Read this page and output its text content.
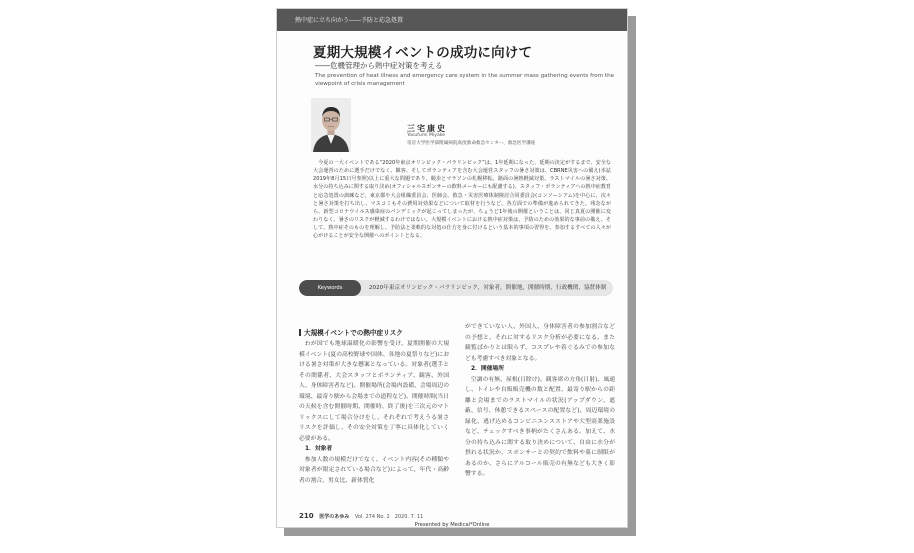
熱中症に立ち向かう――予防と応急処置
夏期大規模イベントの成功に向けて
――危機管理から熱中症対策を考える
The prevention of heat illness and emergency care system in the summer mass gathering events from the viewpoint of crisis management
三宅康史
Yasufumi Miyake
帝京大学医学部附属病院高度救命救急センター、救急医学講座
今夏の一大イベントである“2020年東京オリンピック・パラリンピック”は、1年延期になった。延期の決定がするまで、安全な大会運営のために選手だけでなく、観客、そしてボランティアを含む大会運営スタッフの暑さ対策は、CBRNE災害への備え(本誌2019年8月15日号参照)以上に重大な問題であり、競歩とマラソンの札幌移転、路面の暑熱軽減対策、ラストマイルの暑さ対策、水分の持ち込みに関する取り決め(オフィシャルスポンサーの飲料メーカーにも配慮する)、スタッフ・ボランティアへの熱中症教育と応急処置の訓練など、東京都や大会組織委員会、医師会、救急・災害医療体制検討合同委員会(コンソーシアム)を中心に、次々と暑さ対策を打ち出し、マスコミもその費用対効果などについて取材を行うなど、各方面での準備が進められてきた。残念ながら、新型コロナウイルス感染症のパンデミックが起こってしまったが、ちょうど1年後の開催ということは、同じ真夏の開催に変わりなく、暑さのリスクが軽減するわけではない。大規模イベントにおける熱中症対策は、予防のための効果的な事前の備え、そして、熱中症そのものを理解し、予防法と柔軟的な対処の仕方を身に付けるという基本的事項の習得を、参加するすべての人々が心がけることが安全な開催へのポイントとなる。
Keywords	2020年東京オリンピック・パラリンピック，対象者，開催地，開催時期，行政機関，協賛体制
大規模イベントでの熱中症リスク

わが国でも地球温暖化の影響を受け、夏期開催の大規模イベント(夏の高校野球や国体、各地の夏祭りなど)における暑さ対策が大きな懸案となっている。対象者(選手とその関係者、大会スタッフとボランティア、観客、外国人、身体障害者など)、開催場所(会場内設備、会場周辺の環境、最寄り駅から会場までの道程など)、開催時間(当日の天候を含む開催時期、開催時、終了後)を三次元のマトリックスにして場合分けをし、それぞれで考えうる暑さリスクを評価し、その安全対策を丁寧に具体化していく必要がある。

1．対象者

参加人数の規模だけでなく、イベント内容(その種類や対象者が限定されている場合など)によって、年代・高齢者の割合、男女比、新体質化

ができていない人、外国人、身体障害者の参加割合などの予想と、それに対するリスク分析が必要になる。また観覧ばかりとは限らず、コスプレや着ぐるみでの参加なども考慮すべき対象となる。

2．開催場所

空調の有無、屋根(日除け)、観客席の方角(日射)、風通し、トイレや自販販売機の数と配置、最寄り駅からの距離と会場までのラストマイルの状況(アップダウン、遮蔽、信号、休憩できるスペースの配置など)、周辺環境の緑化、逃げ込めるコンビニエンスストアや大型商業施設など、チェックすべき事柄がたくさんある。加えて、水分の持ち込みに関する取り決めについて、自由に水分が摂れる状況か、スポンサーとの契約で飲料や菓に制限があるのか、さらにアルコール販売の有無なども大きく影響する。

210 医学のあゆみ Vol. 274 No. 2　2020. 7. 11
Presented by Medical*Online
